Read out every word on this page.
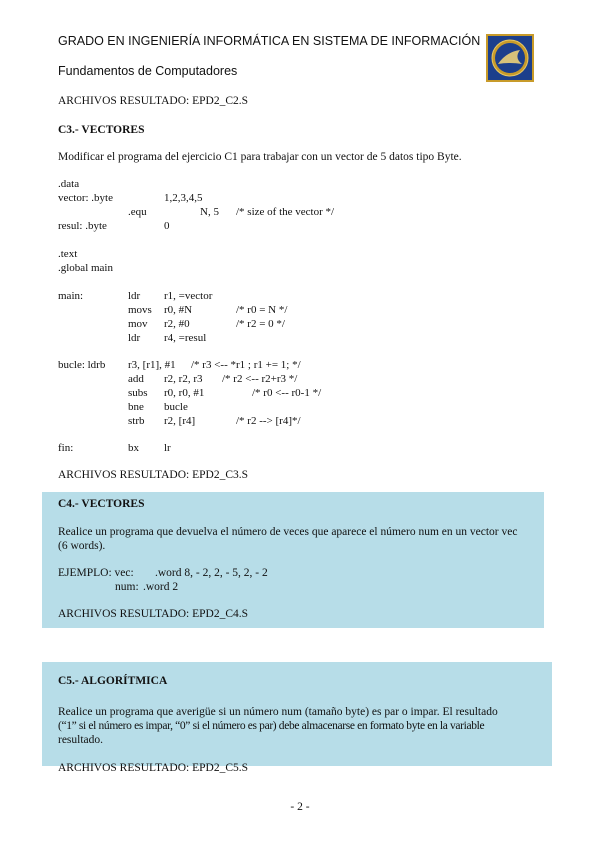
GRADO EN INGENIERÍA INFORMÁTICA EN SISTEMA DE INFORMACIÓN
Fundamentos de Computadores
ARCHIVOS RESULTADO: EPD2_C2.S
C3.- VECTORES
Modificar el programa del ejercicio C1 para trabajar con un vector de 5 datos tipo Byte.
.data
vector: .byte	1,2,3,4,5
.equ	N, 5 /* size of the vector */
resul: .byte	0
.text
.global main
main:	ldr r1, =vector
movs r0, #N	/* r0 = N */
mov r2, #0	/* r2 = 0 */
ldr r4, =resul
bucle: ldrb r3, [r1], #1 /* r3 <-- *r1 ; r1 += 1; */
add r2, r2, r3 /* r2 <-- r2+r3 */
subs r0, r0, #1	/* r0 <-- r0-1 */
bne bucle
strb r2, [r4]	/* r2 --> [r4]*/
fin:	bx lr
ARCHIVOS RESULTADO: EPD2_C3.S
C4.- VECTORES
Realice un programa que devuelva el número de veces que aparece el número num en un vector vec
(6 words).
EJEMPLO: vec: .word 8, - 2, 2, - 5, 2, - 2
num: .word 2
ARCHIVOS RESULTADO: EPD2_C4.S
C5.- ALGORÍTMICA
Realice un programa que averigüe si un número num (tamaño byte) es par o impar. El resultado
(“1” si el número es impar, “0” si el número es par) debe almacenarse en formato byte en la variable
resultado.
ARCHIVOS RESULTADO: EPD2_C5.S
- 2 -
